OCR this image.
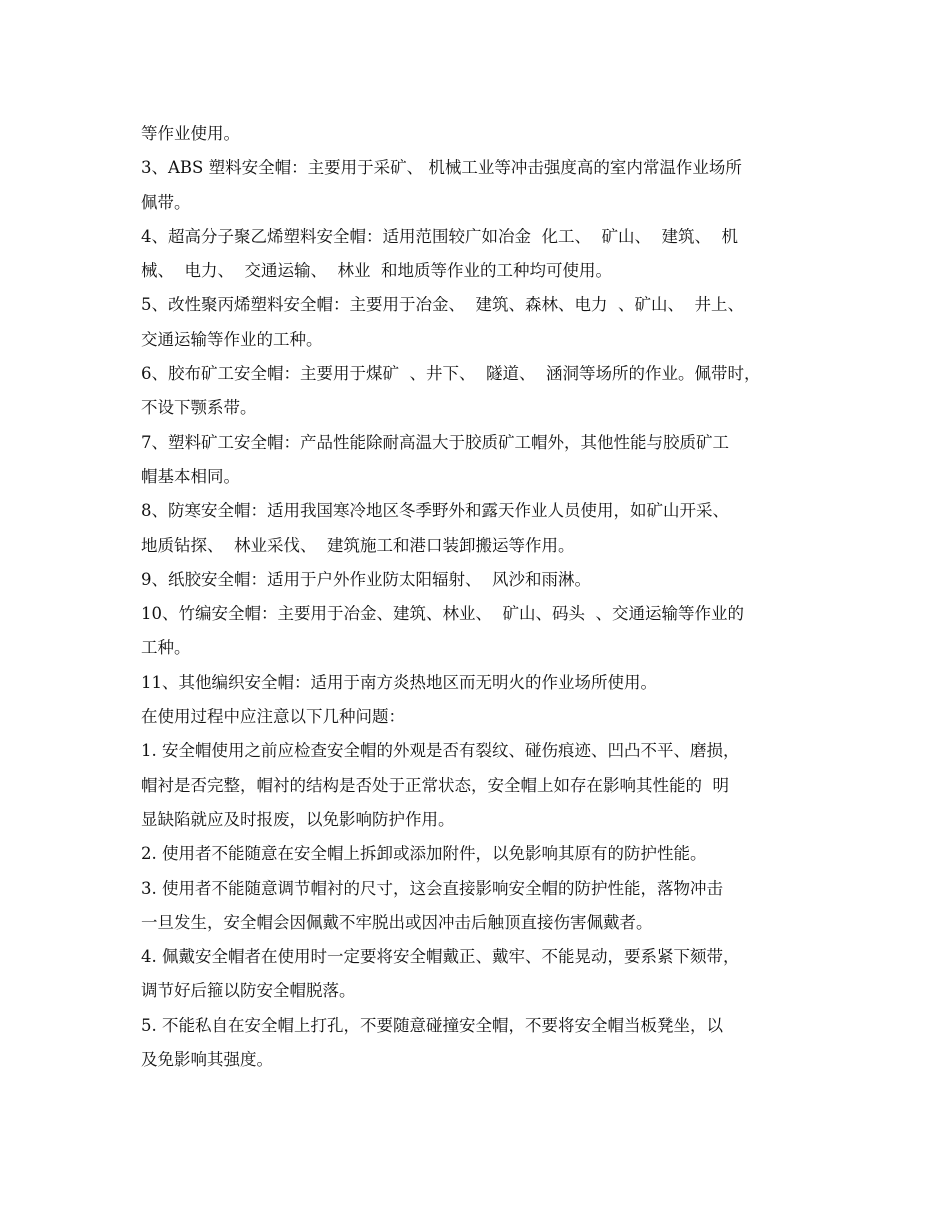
等作业使用。
3、ABS 塑料安全帽：主要用于采矿、 机械工业等冲击强度高的室内常温作业场所
佩带。
4、超高分子聚乙烯塑料安全帽：适用范围较广如冶金  化工、  矿山、  建筑、  机
械、  电力、  交通运输、  林业  和地质等作业的工种均可使用。
5、改性聚丙烯塑料安全帽：主要用于冶金、  建筑、森林、电力  、矿山、  井上、
交通运输等作业的工种。
6、胶布矿工安全帽：主要用于煤矿  、井下、  隧道、  涵洞等场所的作业。佩带时，
不设下颚系带。
7、塑料矿工安全帽：产品性能除耐高温大于胶质矿工帽外，其他性能与胶质矿工
帽基本相同。
8、防寒安全帽：适用我国寒冷地区冬季野外和露天作业人员使用，如矿山开采、
地质钻探、  林业采伐、  建筑施工和港口装卸搬运等作用。
9、纸胶安全帽：适用于户外作业防太阳辐射、  风沙和雨淋。
10、竹编安全帽：主要用于冶金、建筑、林业、  矿山、码头  、交通运输等作业的
工种。
11、其他编织安全帽：适用于南方炎热地区而无明火的作业场所使用。
在使用过程中应注意以下几种问题：
1. 安全帽使用之前应检查安全帽的外观是否有裂纹、碰伤痕迹、凹凸不平、磨损，
帽衬是否完整，帽衬的结构是否处于正常状态，安全帽上如存在影响其性能的  明
显缺陷就应及时报废，以免影响防护作用。
2. 使用者不能随意在安全帽上拆卸或添加附件，以免影响其原有的防护性能。
3. 使用者不能随意调节帽衬的尺寸，这会直接影响安全帽的防护性能，落物冲击
一旦发生，安全帽会因佩戴不牢脱出或因冲击后触顶直接伤害佩戴者。
4. 佩戴安全帽者在使用时一定要将安全帽戴正、戴牢、不能晃动，要系紧下颏带，
调节好后箍以防安全帽脱落。
5. 不能私自在安全帽上打孔，不要随意碰撞安全帽，不要将安全帽当板凳坐，以
及免影响其强度。
